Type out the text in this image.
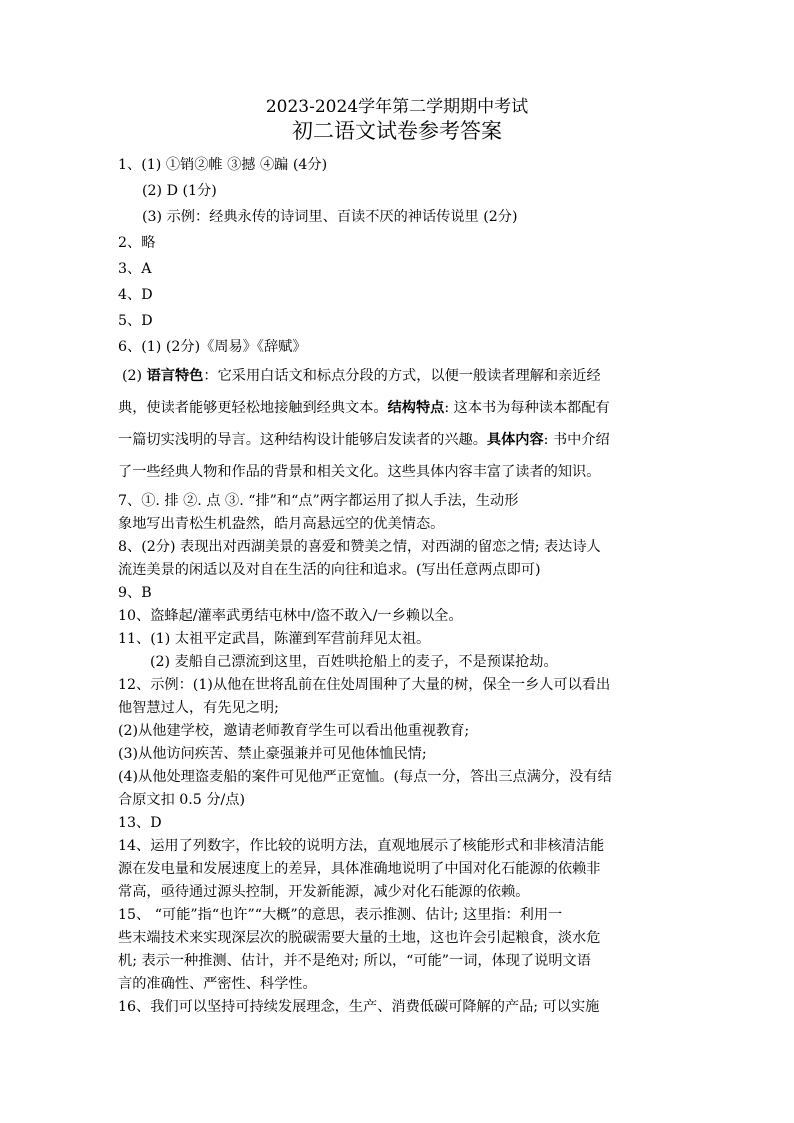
2023-2024学年第二学期期中考试
初二语文试卷参考答案
1、(1) ①销②帷 ③撼 ④蹁 (4分)
(2) D (1分)
(3) 示例：经典永传的诗词里、百读不厌的神话传说里 (2分)
2、略
3、A
4、D
5、D
6、(1) (2分)《周易》《辞赋》
(2) 语言特色：它采用白话文和标点分段的方式，以便一般读者理解和亲近经
典，使读者能够更轻松地接触到经典文本。结构特点: 这本书为每种读本都配有
一篇切实浅明的导言。这种结构设计能够启发读者的兴趣。具体内容: 书中介绍
了一些经典人物和作品的背景和相关文化。这些具体内容丰富了读者的知识。
7、①. 排 ②. 点 ③. “排”和“点”两字都运用了拟人手法，生动形
象地写出青松生机盎然，皓月高悬远空的优美情态。
8、(2分) 表现出对西湖美景的喜爱和赞美之情，对西湖的留恋之情; 表达诗人
流连美景的闲适以及对自在生活的向往和追求。(写出任意两点即可)
9、B
10、盗蜂起/灌率武勇结屯林中/盗不敢入/一乡赖以全。
11、(1) 太祖平定武昌，陈灌到军营前拜见太祖。
(2) 麦船自己漂流到这里，百姓哄抢船上的麦子，不是预谋抢劫。
12、示例：(1)从他在世将乱前在住处周围种了大量的树，保全一乡人可以看出
他智慧过人，有先见之明;
(2)从他建学校，邀请老师教育学生可以看出他重视教育;
(3)从他访问疾苦、禁止豪强兼并可见他体恤民情;
(4)从他处理盗麦船的案件可见他严正宽恤。(每点一分，答出三点满分，没有结
合原文扣 0.5 分/点)
13、D
14、运用了列数字，作比较的说明方法，直观地展示了核能形式和非核清洁能
源在发电量和发展速度上的差异，具体准确地说明了中国对化石能源的依赖非
常高，亟待通过源头控制，开发新能源，减少对化石能源的依赖。
15、 “可能”指“也许”“大概”的意思，表示推测、估计; 这里指：利用一
些末端技术来实现深层次的脱碳需要大量的土地，这也许会引起粮食，淡水危
机; 表示一种推测、估计，并不是绝对; 所以，“可能”一词，体现了说明文语
言的准确性、严密性、科学性。
16、我们可以坚持可持续发展理念，生产、消费低碳可降解的产品; 可以实施
